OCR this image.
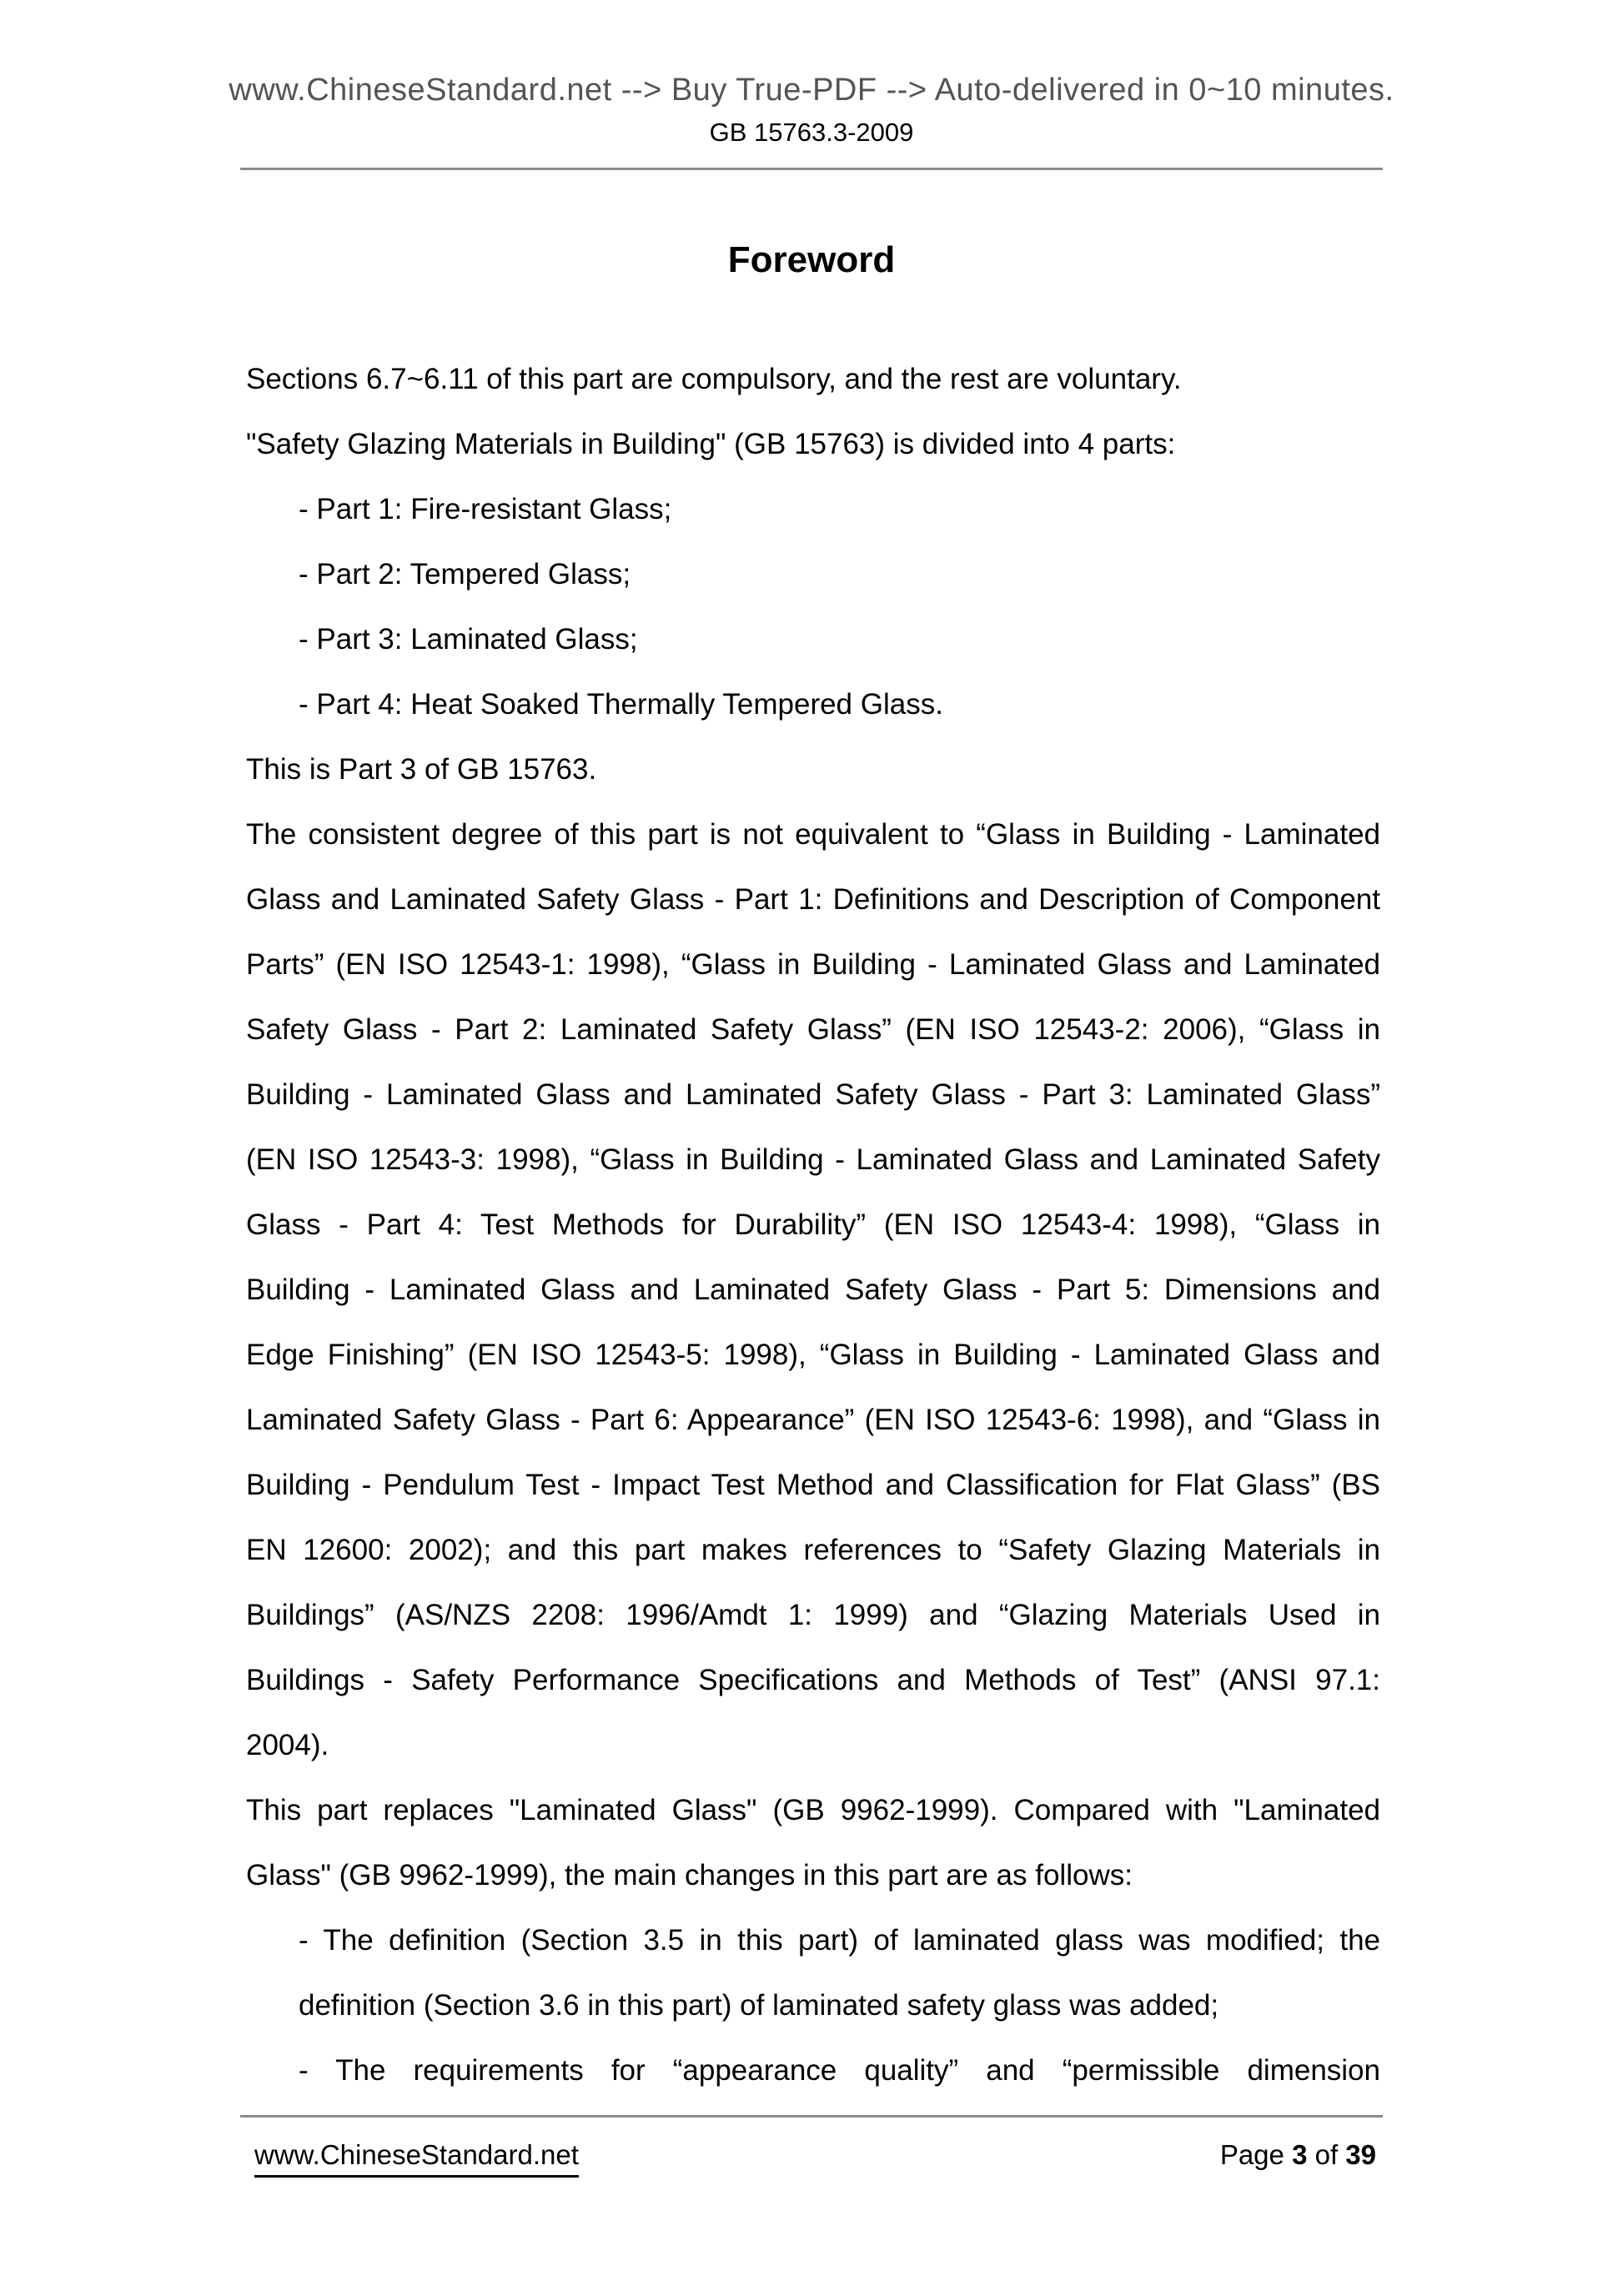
www.ChineseStandard.net --> Buy True-PDF --> Auto-delivered in 0~10 minutes.
GB 15763.3-2009
Foreword
Sections 6.7~6.11 of this part are compulsory, and the rest are voluntary.
"Safety Glazing Materials in Building" (GB 15763) is divided into 4 parts:
- Part 1: Fire-resistant Glass;
- Part 2: Tempered Glass;
- Part 3: Laminated Glass;
- Part 4: Heat Soaked Thermally Tempered Glass.
This is Part 3 of GB 15763.
The consistent degree of this part is not equivalent to “Glass in Building - Laminated
Glass and Laminated Safety Glass - Part 1: Definitions and Description of Component
Parts” (EN ISO 12543-1: 1998), “Glass in Building - Laminated Glass and Laminated
Safety Glass - Part 2: Laminated Safety Glass” (EN ISO 12543-2: 2006), “Glass in
Building - Laminated Glass and Laminated Safety Glass - Part 3: Laminated Glass”
(EN ISO 12543-3: 1998), “Glass in Building - Laminated Glass and Laminated Safety
Glass - Part 4: Test Methods for Durability” (EN ISO 12543-4: 1998), “Glass in
Building - Laminated Glass and Laminated Safety Glass - Part 5: Dimensions and
Edge Finishing” (EN ISO 12543-5: 1998), “Glass in Building - Laminated Glass and
Laminated Safety Glass - Part 6: Appearance” (EN ISO 12543-6: 1998), and “Glass in
Building - Pendulum Test - Impact Test Method and Classification for Flat Glass” (BS
EN 12600: 2002); and this part makes references to “Safety Glazing Materials in
Buildings” (AS/NZS 2208: 1996/Amdt 1: 1999) and “Glazing Materials Used in
Buildings - Safety Performance Specifications and Methods of Test” (ANSI 97.1:
2004).
This part replaces "Laminated Glass" (GB 9962-1999). Compared with "Laminated
Glass" (GB 9962-1999), the main changes in this part are as follows:
- The definition (Section 3.5 in this part) of laminated glass was modified; the
definition (Section 3.6 in this part) of laminated safety glass was added;
- The requirements for “appearance quality” and “permissible dimension
www.ChineseStandard.net	Page 3 of 39
